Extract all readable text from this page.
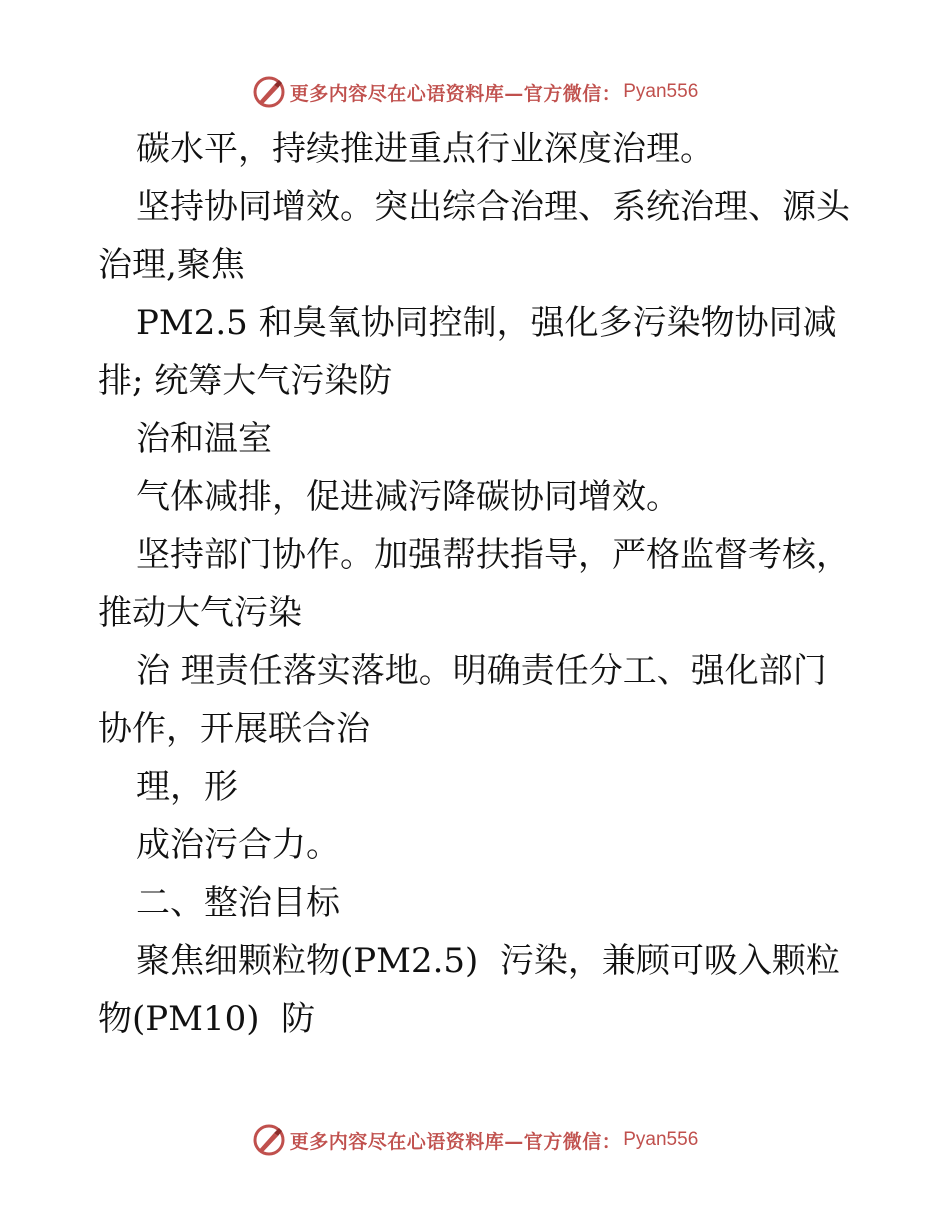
更多内容尽在心语资料库—官方微信： Pyan556
碳水平，持续推进重点行业深度治理。
坚持协同增效。突出综合治理、系统治理、源头
治理,聚焦
PM2.5 和臭氧协同控制，强化多污染物协同减
排; 统筹大气污染防
治和温室
气体减排，促进减污降碳协同增效。
坚持部门协作。加强帮扶指导，严格监督考核，
推动大气污染
治 理责任落实落地。明确责任分工、强化部门
协作，开展联合治
理，形
成治污合力。
二、整治目标
聚焦细颗粒物(PM2.5)  污染，兼顾可吸入颗粒
物(PM10)  防
更多内容尽在心语资料库—官方微信： Pyan556
